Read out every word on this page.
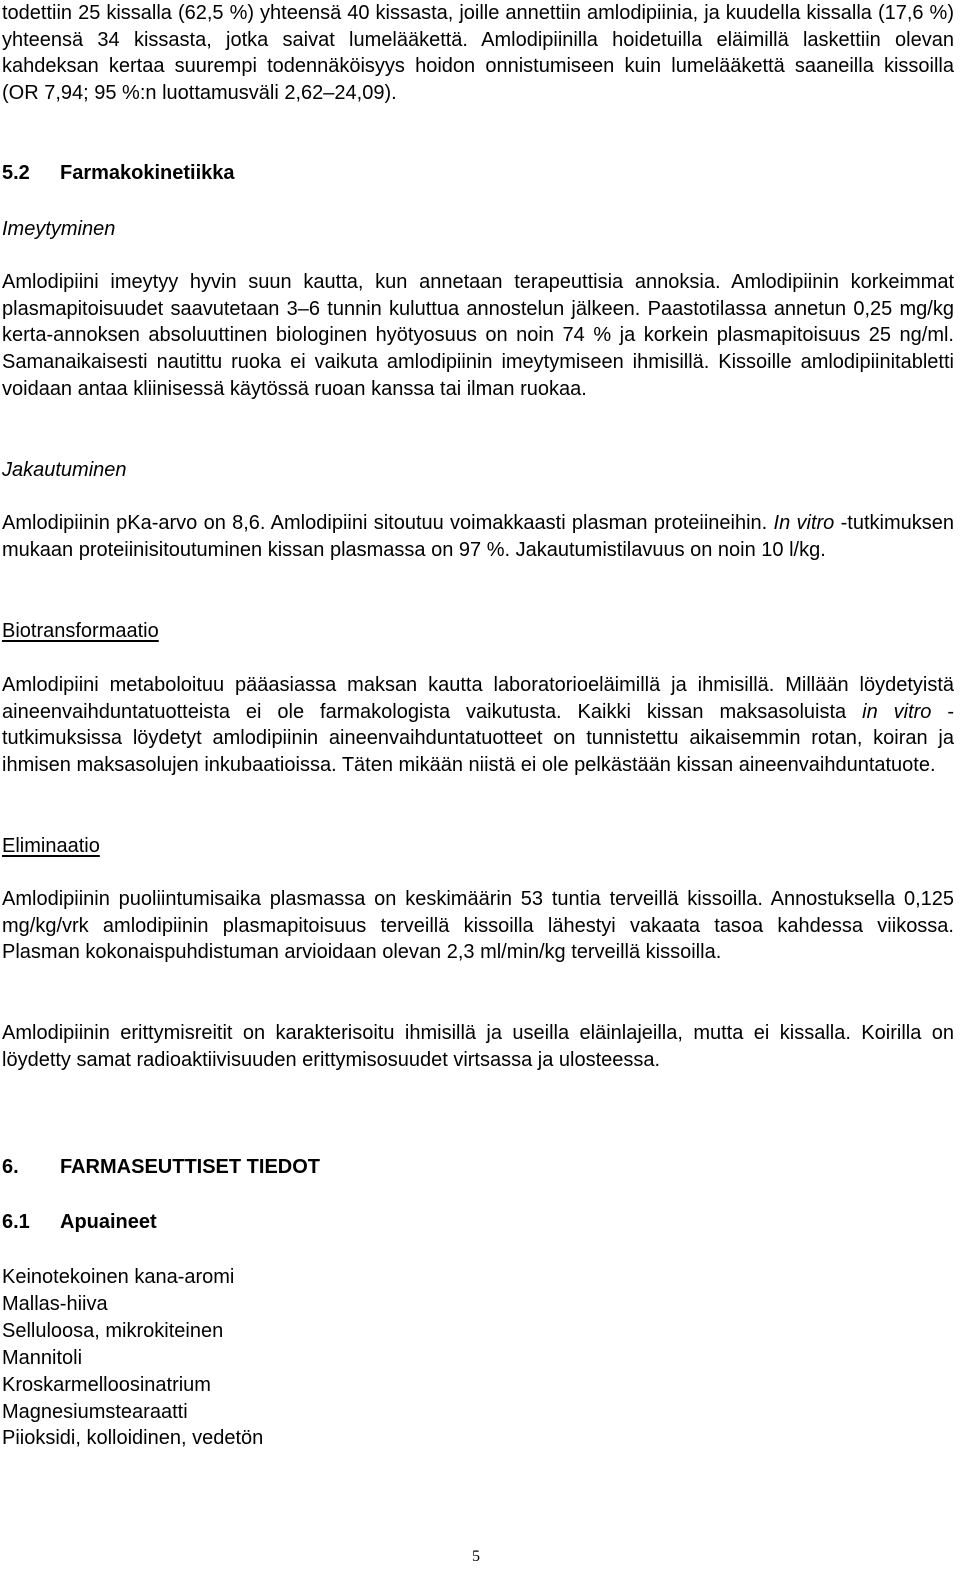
todettiin 25 kissalla (62,5 %) yhteensä 40 kissasta, joille annettiin amlodipiinia, ja kuudella kissalla (17,6 %) yhteensä 34 kissasta, jotka saivat lumelääkettä. Amlodipiinilla hoidetuilla eläimillä laskettiin olevan kahdeksan kertaa suurempi todennäköisyys hoidon onnistumiseen kuin lumelääkettä saaneilla kissoilla (OR 7,94; 95 %:n luottamusväli 2,62–24,09).

5.2 Farmakokinetiikka
Imeytyminen

Amlodipiini imeytyy hyvin suun kautta, kun annetaan terapeuttisia annoksia. Amlodipiinin korkeimmat plasmapitoisuudet saavutetaan 3–6 tunnin kuluttua annostelun jälkeen. Paastotilassa annetun 0,25 mg/kg kerta-annoksen absoluuttinen biologinen hyötyosuus on noin 74 % ja korkein plasmapitoisuus 25 ng/ml. Samanaikaisesti nautittu ruoka ei vaikuta amlodipiinin imeytymiseen ihmisillä. Kissoille amlodipiinitabletti voidaan antaa kliinisessä käytössä ruoan kanssa tai ilman ruokaa.

Jakautuminen

Amlodipiinin pKa-arvo on 8,6. Amlodipiini sitoutuu voimakkaasti plasman proteiineihin. In vitro -tutkimuksen mukaan proteiinisitoutuminen kissan plasmassa on 97 %. Jakautumistilavuus on noin 10 l/kg.

Biotransformaatio

Amlodipiini metaboloituu pääasiassa maksan kautta laboratorioeläimillä ja ihmisillä. Millään löydetyistä aineenvaihduntatuotteista ei ole farmakologista vaikutusta. Kaikki kissan maksasoluista in vitro -tutkimuksissa löydetyt amlodipiinin aineenvaihduntatuotteet on tunnistettu aikaisemmin rotan, koiran ja ihmisen maksasolujen inkubaatioissa. Täten mikään niistä ei ole pelkästään kissan aineenvaihduntatuote.

Eliminaatio

Amlodipiinin puoliintumisaika plasmassa on keskimäärin 53 tuntia terveillä kissoilla. Annostuksella 0,125 mg/kg/vrk amlodipiinin plasmapitoisuus terveillä kissoilla lähestyi vakaata tasoa kahdessa viikossa. Plasman kokonaispuhdistuman arvioidaan olevan 2,3 ml/min/kg terveillä kissoilla.

Amlodipiinin erittymisreitit on karakterisoitu ihmisillä ja useilla eläinlajeilla, mutta ei kissalla. Koirilla on löydetty samat radioaktiivisuuden erittymisosuudet virtsassa ja ulosteessa.

6. FARMASEUTTISET TIEDOT
6.1 Apuaineet
Keinotekoinen kana-aromi
Mallas-hiiva
Selluloosa, mikrokiteinen
Mannitoli
Kroskarmelloosinatrium
Magnesiumstearaatti
Piioksidi, kolloidinen, vedetön
5
